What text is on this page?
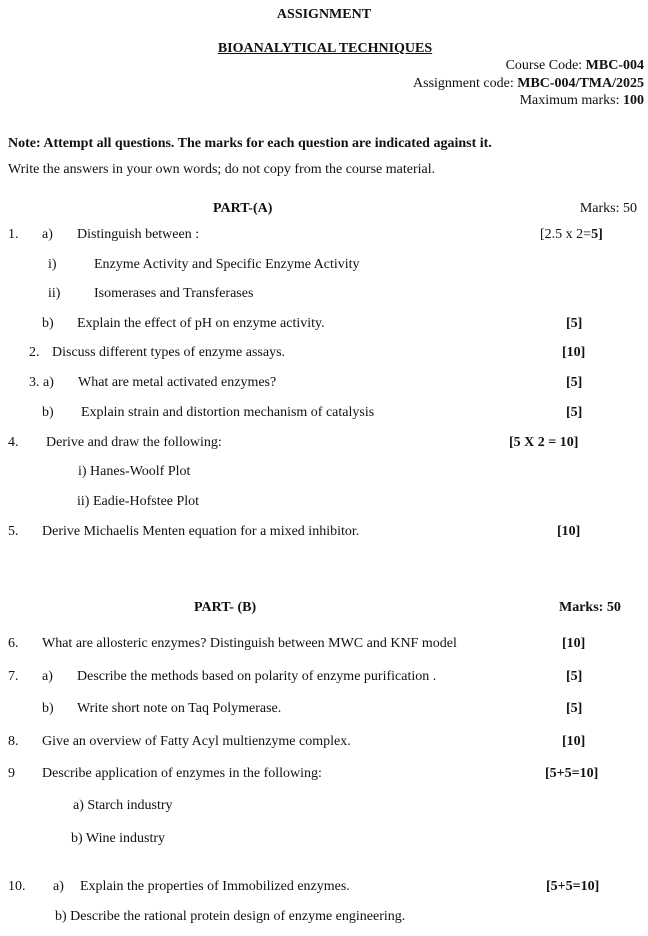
ASSIGNMENT
BIOANALYTICAL TECHNIQUES
Course Code: MBC-004
Assignment code: MBC-004/TMA/2025
Maximum marks: 100
Note: Attempt all questions. The marks for each question are indicated against it.
Write the answers in your own words; do not copy from the course material.
PART-(A)	Marks: 50
1. a) Distinguish between :	[2.5 x 2=5]
i)	Enzyme Activity and Specific Enzyme Activity
ii) Isomerases and Transferases
b) Explain the effect of pH on enzyme activity.	[5]
2. Discuss different types of enzyme assays.	[10]
3. a) What are metal activated enzymes?	[5]
b) Explain strain and distortion mechanism of catalysis	[5]
4. Derive and draw the following:	[5 X 2 = 10]
i) Hanes-Woolf Plot
ii) Eadie-Hofstee Plot
5. Derive Michaelis Menten equation for a mixed inhibitor.	[10]
PART- (B)	Marks: 50
6. What are allosteric enzymes? Distinguish between MWC and KNF model	[10]
7. a) Describe the methods based on polarity of enzyme purification .	[5]
b) Write short note on Taq Polymerase.	[5]
8. Give an overview of Fatty Acyl multienzyme complex.	[10]
9 Describe application of enzymes in the following:	[5+5=10]
a) Starch industry
b) Wine industry
10. a) Explain the properties of Immobilized enzymes.	[5+5=10]
b) Describe the rational protein design of enzyme engineering.
